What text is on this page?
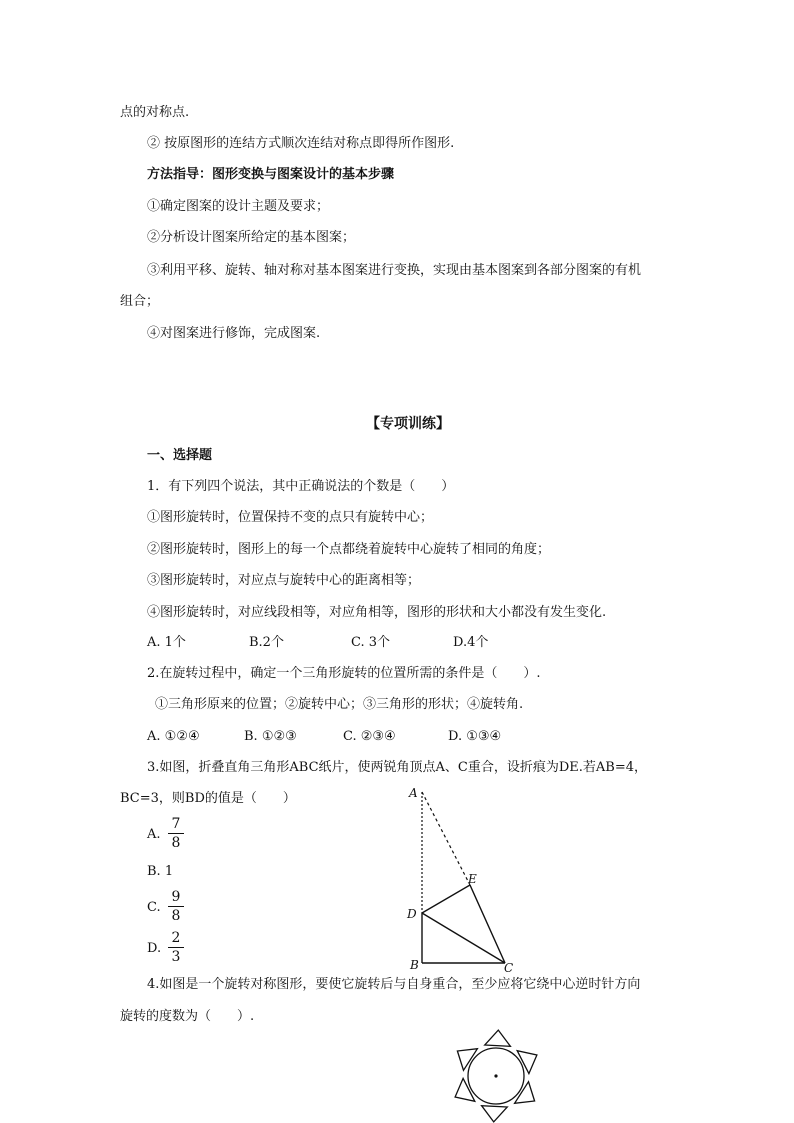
点的对称点.
② 按原图形的连结方式顺次连结对称点即得所作图形.
方法指导：图形变换与图案设计的基本步骤
①确定图案的设计主题及要求；
②分析设计图案所给定的基本图案；
③利用平移、旋转、轴对称对基本图案进行变换，实现由基本图案到各部分图案的有机
组合；
④对图案进行修饰，完成图案.
【专项训练】
一、选择题
1．有下列四个说法，其中正确说法的个数是（　　）
①图形旋转时，位置保持不变的点只有旋转中心；
②图形旋转时，图形上的每一个点都绕着旋转中心旋转了相同的角度；
③图形旋转时，对应点与旋转中心的距离相等；
④图形旋转时，对应线段相等，对应角相等，图形的形状和大小都没有发生变化.
A. 1个	B.2个	C. 3个	D.4个
2.在旋转过程中，确定一个三角形旋转的位置所需的条件是（　　）.
①三角形原来的位置；②旋转中心；③三角形的形状；④旋转角.
A. ①②④	B. ①②③	C. ②③④	D. ①③④
3.如图，折叠直角三角形ABC纸片，使两锐角顶点A、C重合，设折痕为DE.若AB=4，
BC=3，则BD的值是（　　）
A.
7
8
B. 1
C.
9
8
D.
2
3
A
B	C
D
E
4.如图是一个旋转对称图形，要使它旋转后与自身重合，至少应将它绕中心逆时针方向
旋转的度数为（　　）.
